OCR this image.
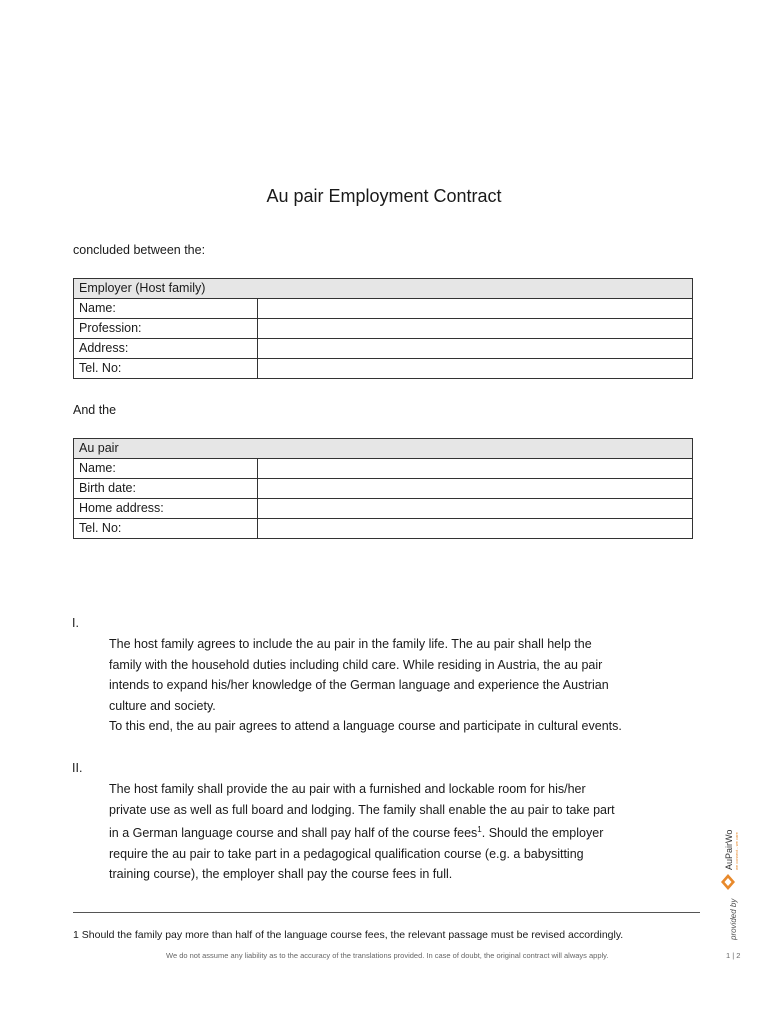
Au pair Employment Contract
concluded between the:
Employer (Host family)	
Name:	
Profession:	
Address:	
Tel. No:	
And the
Au pair	
Name:	
Birth date:	
Home address:	
Tel. No:	
I.
The host family agrees to include the au pair in the family life. The au pair shall help the
family with the household duties including child care. While residing in Austria, the au pair
intends to expand his/her knowledge of the German language and experience the Austrian
culture and society.
To this end, the au pair agrees to attend a language course and participate in cultural events.
II.
The host family shall provide the au pair with a furnished and lockable room for his/her
private use as well as full board and lodging. The family shall enable the au pair to take part
in a German language course and shall pay half of the course fees$^1$. Should the employer
require the au pair to take part in a pedagogical qualification course (e.g. a babysitting
training course), the employer shall pay the course fees in full.
1 Should the family pay more than half of the language course fees, the relevant passage must be revised accordingly.
We do not assume any liability as to the accuracy of the translations provided. In case of doubt, the original contract will always apply.	1 | 2
provided by
AuPairWorld we connect - we care
